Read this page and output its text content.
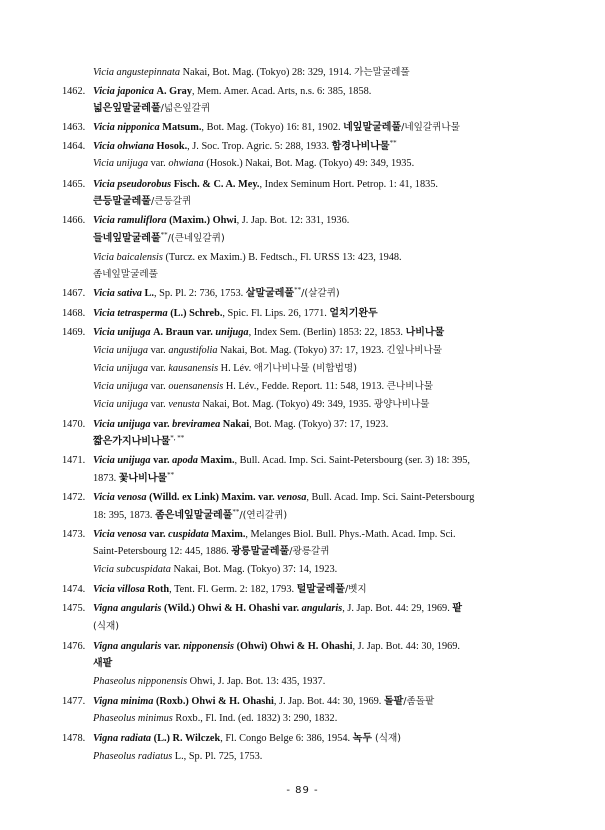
Vicia angustepinnata Nakai, Bot. Mag. (Tokyo) 28: 329, 1914. 가는말굴레풀
1462. Vicia japonica A. Gray, Mem. Amer. Acad. Arts, n.s. 6: 385, 1858.
넓은잎말굴레풀/넓은잎갈퀴
1463. Vicia nipponica Matsum., Bot. Mag. (Tokyo) 16: 81, 1902. 네잎말굴레풀/네잎갈퀴나물
1464. Vicia ohwiana Hosok., J. Soc. Trop. Agric. 5: 288, 1933. 함경나비나물**
Vicia unijuga var. ohwiana (Hosok.) Nakai, Bot. Mag. (Tokyo) 49: 349, 1935.
1465. Vicia pseudorobus Fisch. & C. A. Mey., Index Seminum Hort. Petrop. 1: 41, 1835.
큰등말굴레풀/큰등갈퀴
1466. Vicia ramuliflora (Maxim.) Ohwi, J. Jap. Bot. 12: 331, 1936.
들네잎말굴레풀**/(큰네잎갈퀴)
Vicia baicalensis (Turcz. ex Maxim.) B. Fedtsch., Fl. URSS 13: 423, 1948.
좀네잎말굴레풀
1467. Vicia sativa L., Sp. Pl. 2: 736, 1753. 살말굴레풀**/(살갈퀴)
1468. Vicia tetrasperma (L.) Schreb., Spic. Fl. Lips. 26, 1771. 얼치기완두
1469. Vicia unijuga A. Braun var. unijuga, Index Sem. (Berlin) 1853: 22, 1853. 나비나물
Vicia unijuga var. angustifolia Nakai, Bot. Mag. (Tokyo) 37: 17, 1923. 긴잎나비나물
Vicia unijuga var. kausanensis H. Lév. 애기나비나물 (비합법명)
Vicia unijuga var. ouensanensis H. Lév., Fedde. Report. 11: 548, 1913. 큰나비나물
Vicia unijuga var. venusta Nakai, Bot. Mag. (Tokyo) 49: 349, 1935. 광양나비나물
1470. Vicia unijuga var. breviramea Nakai, Bot. Mag. (Tokyo) 37: 17, 1923.
짧은가지나비나물*, **
1471. Vicia unijuga var. apoda Maxim., Bull. Acad. Imp. Sci. Saint-Petersbourg (ser. 3) 18: 395,
1873. 꽃나비나물**
1472. Vicia venosa (Willd. ex Link) Maxim. var. venosa, Bull. Acad. Imp. Sci. Saint-Petersbourg
18: 395, 1873. 좀은네잎말굴레풀**/(연리갈퀴)
1473. Vicia venosa var. cuspidata Maxim., Melanges Biol. Bull. Phys.-Math. Acad. Imp. Sci.
Saint-Petersbourg 12: 445, 1886. 광릉말굴레풀/광릉갈퀴
Vicia subcuspidata Nakai, Bot. Mag. (Tokyo) 37: 14, 1923.
1474. Vicia villosa Roth, Tent. Fl. Germ. 2: 182, 1793. 털말굴레풀/벳지
1475. Vigna angularis (Wild.) Ohwi & H. Ohashi var. angularis, J. Jap. Bot. 44: 29, 1969. 팥
(식재)
1476. Vigna angularis var. nipponensis (Ohwi) Ohwi & H. Ohashi, J. Jap. Bot. 44: 30, 1969.
새팥
Phaseolus nipponensis Ohwi, J. Jap. Bot. 13: 435, 1937.
1477. Vigna minima (Roxb.) Ohwi & H. Ohashi, J. Jap. Bot. 44: 30, 1969. 돌팥/좀돌팥
Phaseolus minimus Roxb., Fl. Ind. (ed. 1832) 3: 290, 1832.
1478. Vigna radiata (L.) R. Wilczek, Fl. Congo Belge 6: 386, 1954. 녹두 (식재)
Phaseolus radiatus L., Sp. Pl. 725, 1753.
- 89 -
